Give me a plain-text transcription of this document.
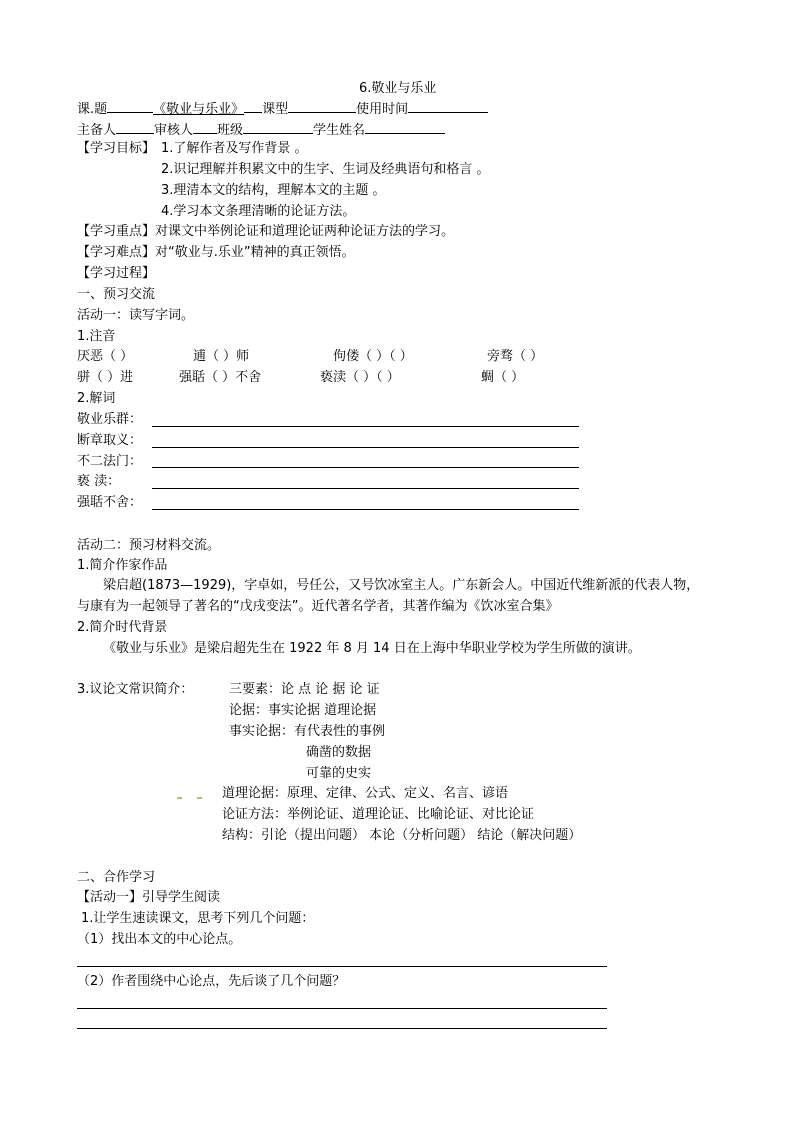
6.敬业与乐业
课.题	《敬业与乐业》 课型	使用时间
主备人	审核人 班级	学生姓名
【学习目标】 1.了解作者及写作背景 。
2.识记理解并积累文中的生字、生词及经典语句和格言 。
3.理清本文的结构，理解本文的主题 。
4.学习本文条理清晰的论证方法。
【学习重点】对课文中举例论证和道理论证两种论证方法的学习。
【学习难点】对“敬业与.乐业”精神的真正领悟。
【学习过程】
一、预习交流
活动一：读写字词。
1.注音
厌恶（ ）	逋（ ）师	佝偻（ ）（ ）	旁骛（ ）
骈（ ）进	强聒（ ）不舍	亵渎（ ）（ ）	蜩（ ）
2.解词
敬业乐群：
断章取义：
不二法门：
亵 渎：
强聒不舍：
活动二：预习材料交流。
1.简介作家作品
梁启超(1873—1929)，字卓如，号任公，又号饮冰室主人。广东新会人。中国近代维新派的代表人物，
与康有为一起领导了著名的“戊戌变法”。近代著名学者，其著作编为《饮冰室合集》
2.简介时代背景
《敬业与乐业》是梁启超先生在 1922 年 8 月 14 日在上海中华职业学校为学生所做的演讲。
3.议论文常识简介：	三要素：论 点 论 据 论 证
论据：事实论据 道理论据
事实论据：有代表性的事例
确凿的数据
可靠的史实
道理论据：原理、定律、公式、定义、名言、谚语
论证方法：举例论证、道理论证、比喻论证、对比论证
结构：引论（提出问题） 本论（分析问题） 结论（解决问题）
二、合作学习
【活动一】引导学生阅读
1.让学生速读课文，思考下列几个问题：
（1）找出本文的中心论点。
（2）作者围绕中心论点，先后谈了几个问题？
